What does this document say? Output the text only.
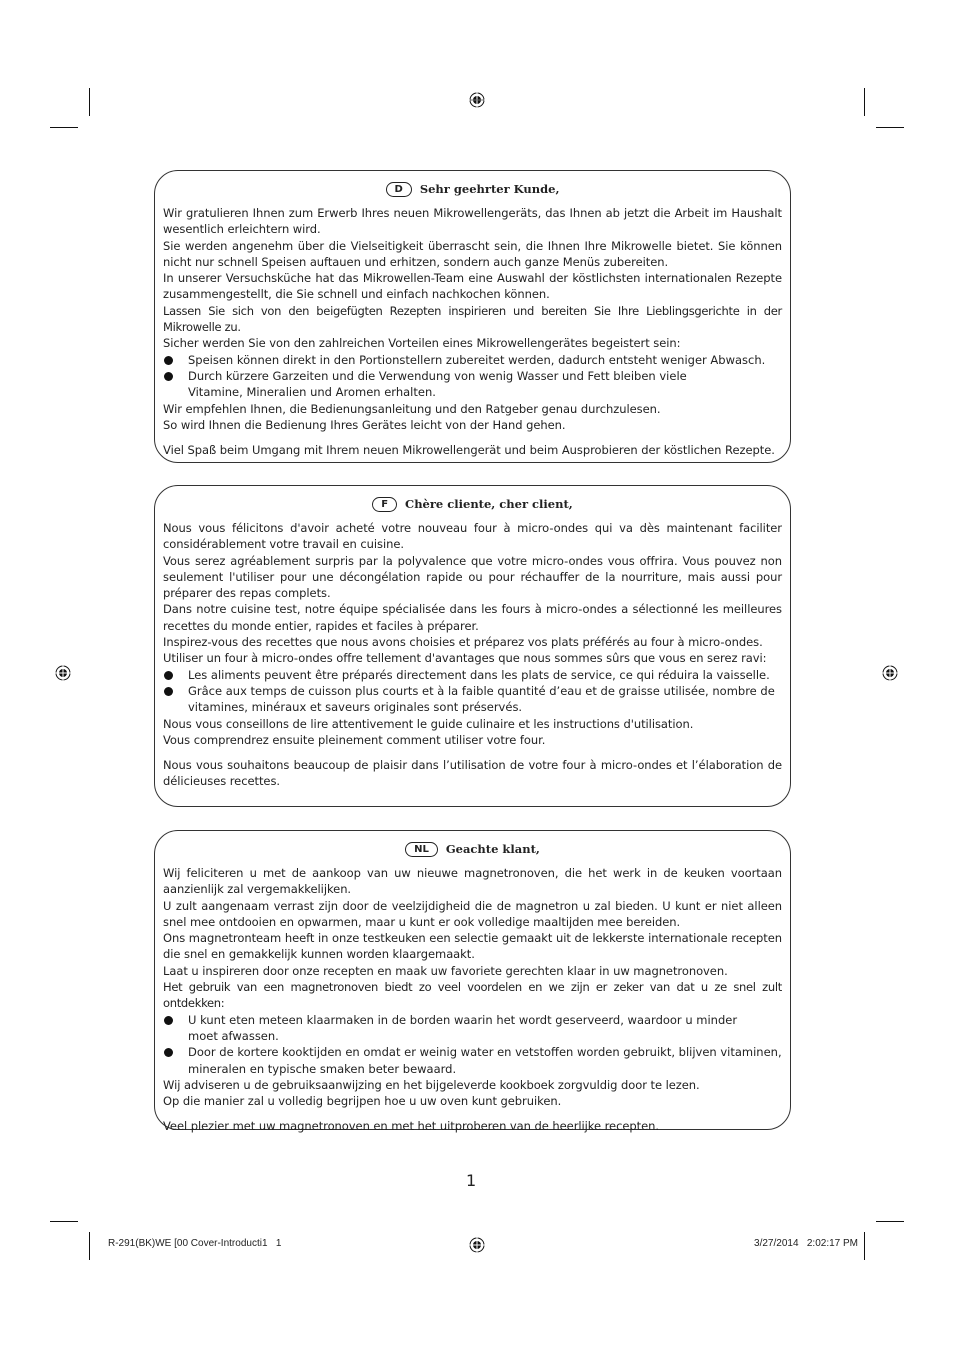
D Sehr geehrter Kunde,

Wir gratulieren Ihnen zum Erwerb Ihres neuen Mikrowellengeräts, das Ihnen ab jetzt die Arbeit im Haushalt wesentlich erleichtern wird.

Sie werden angenehm über die Vielseitigkeit überrascht sein, die Ihnen Ihre Mikrowelle bietet. Sie können nicht nur schnell Speisen auftauen und erhitzen, sondern auch ganze Menüs zubereiten.

In unserer Versuchsküche hat das Mikrowellen-Team eine Auswahl der köstlichsten internationalen Rezepte zusammengestellt, die Sie schnell und einfach nachkochen können.

Lassen Sie sich von den beigefügten Rezepten inspirieren und bereiten Sie Ihre Lieblingsgerichte in der Mikrowelle zu.

Sicher werden Sie von den zahlreichen Vorteilen eines Mikrowellengerätes begeistert sein:

Speisen können direkt in den Portionstellern zubereitet werden, dadurch entsteht weniger Abwasch.
Durch kürzere Garzeiten und die Verwendung von wenig Wasser und Fett bleiben viele Vitamine, Mineralien und Aromen erhalten.

Wir empfehlen Ihnen, die Bedienungsanleitung und den Ratgeber genau durchzulesen.

So wird Ihnen die Bedienung Ihres Gerätes leicht von der Hand gehen.

Viel Spaß beim Umgang mit Ihrem neuen Mikrowellengerät und beim Ausprobieren der köstlichen Rezepte.

F Chère cliente, cher client,

Nous vous félicitons d'avoir acheté votre nouveau four à micro-ondes qui va dès maintenant faciliter considérablement votre travail en cuisine.

Vous serez agréablement surpris par la polyvalence que votre micro-ondes vous offrira. Vous pouvez non seulement l'utiliser pour une décongélation rapide ou pour réchauffer de la nourriture, mais aussi pour préparer des repas complets.

Dans notre cuisine test, notre équipe spécialisée dans les fours à micro-ondes a sélectionné les meilleures recettes du monde entier, rapides et faciles à préparer.

Inspirez-vous des recettes que nous avons choisies et préparez vos plats préférés au four à micro-ondes.

Utiliser un four à micro-ondes offre tellement d'avantages que nous sommes sûrs que vous en serez ravi:

Les aliments peuvent être préparés directement dans les plats de service, ce qui réduira la vaisselle.
Grâce aux temps de cuisson plus courts et à la faible quantité d’eau et de graisse utilisée, nombre de vitamines, minéraux et saveurs originales sont préservés.

Nous vous conseillons de lire attentivement le guide culinaire et les instructions d'utilisation.

Vous comprendrez ensuite pleinement comment utiliser votre four.

Nous vous souhaitons beaucoup de plaisir dans l’utilisation de votre four à micro-ondes et l’élaboration de délicieuses recettes.

NL Geachte klant,

Wij feliciteren u met de aankoop van uw nieuwe magnetronoven, die het werk in de keuken voortaan aanzienlijk zal vergemakkelijken.

U zult aangenaam verrast zijn door de veelzijdigheid die de magnetron u zal bieden. U kunt er niet alleen snel mee ontdooien en opwarmen, maar u kunt er ook volledige maaltijden mee bereiden.

Ons magnetronteam heeft in onze testkeuken een selectie gemaakt uit de lekkerste internationale recepten die snel en gemakkelijk kunnen worden klaargemaakt.

Laat u inspireren door onze recepten en maak uw favoriete gerechten klaar in uw magnetronoven.

Het gebruik van een magnetronoven biedt zo veel voordelen en we zijn er zeker van dat u ze snel zult ontdekken:

U kunt eten meteen klaarmaken in de borden waarin het wordt geserveerd, waardoor u minder moet afwassen.
Door de kortere kooktijden en omdat er weinig water en vetstoffen worden gebruikt, blijven vitaminen, mineralen en typische smaken beter bewaard.

Wij adviseren u de gebruiksaanwijzing en het bijgeleverde kookboek zorgvuldig door te lezen.

Op die manier zal u volledig begrijpen hoe u uw oven kunt gebruiken.

Veel plezier met uw magnetronoven en met het uitproberen van de heerlijke recepten.

1
R-291(BK)WE [00 Cover-Introducti1   1	3/27/2014   2:02:17 PM
